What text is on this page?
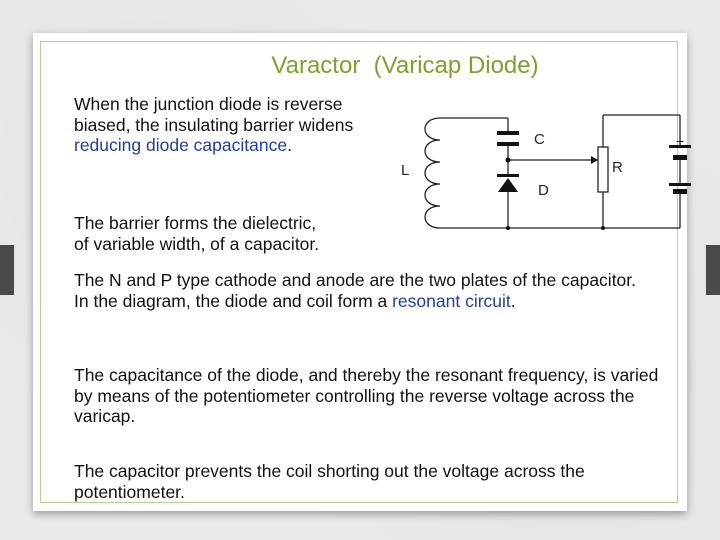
Varactor  (Varicap Diode)
When the junction diode is reverse biased, the insulating barrier widens reducing diode capacitance.
The barrier forms the dielectric,
of variable width, of a capacitor.
The N and P type cathode and anode are the two plates of the capacitor.
In the diagram, the diode and coil form a resonant circuit.
The capacitance of the diode, and thereby the resonant frequency, is varied by means of the potentiometer controlling the reverse voltage across the varicap.
The capacitor prevents the coil shorting out the voltage across the potentiometer.
C
L
D
R
+
